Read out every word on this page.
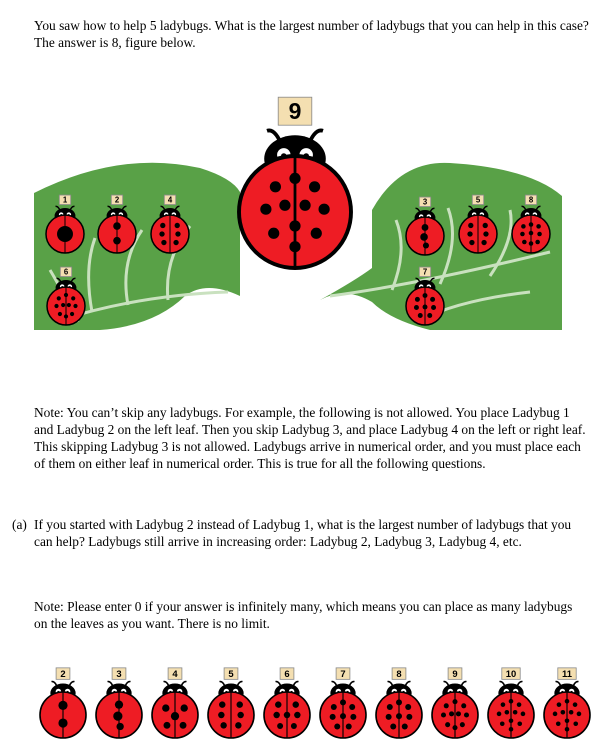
You saw how to help 5 ladybugs. What is the largest number of ladybugs that you can help in this case? The answer is 8, figure below.

9
1	2	4
6
3	5	8
7
2	3	4	5	6	7	8	9	10	11

Note: You can’t skip any ladybugs. For example, the following is not allowed. You place Ladybug 1 and Ladybug 2 on the left leaf. Then you skip Ladybug 3, and place Ladybug 4 on the left or right leaf. This skipping Ladybug 3 is not allowed. Ladybugs arrive in numerical order, and you must place each of them on either leaf in numerical order. This is true for all the following questions.

(a) If you started with Ladybug 2 instead of Ladybug 1, what is the largest number of ladybugs that you can help? Ladybugs still arrive in increasing order: Ladybug 2, Ladybug 3, Ladybug 4, etc.

Note: Please enter 0 if your answer is infinitely many, which means you can place as many ladybugs on the leaves as you want. There is no limit.
